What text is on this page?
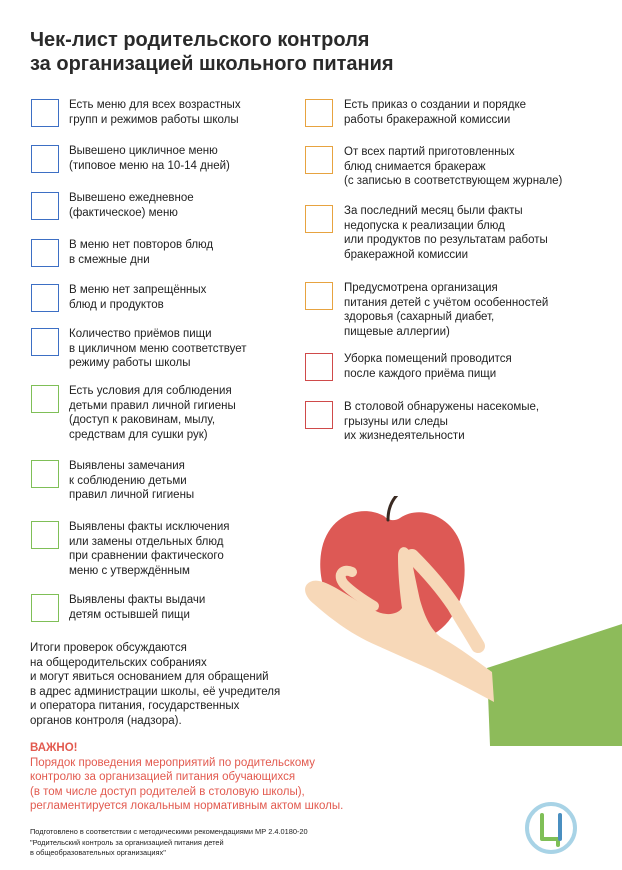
Чек-лист родительского контроля
за организацией школьного питания
Есть меню для всех возрастных
групп и режимов работы школы
Вывешено цикличное меню
(типовое меню на 10-14 дней)
Вывешено ежедневное
(фактическое) меню
В меню нет повторов блюд
в смежные дни
В меню нет запрещённых
блюд и продуктов
Количество приёмов пищи
в цикличном меню соответствует
режиму работы школы
Есть условия для соблюдения
детьми правил личной гигиены
(доступ к раковинам, мылу,
средствам для сушки рук)
Выявлены замечания
к соблюдению детьми
правил личной гигиены
Выявлены факты исключения
или замены отдельных блюд
при сравнении фактического
меню с утверждённым
Выявлены факты выдачи
детям остывшей пищи
Есть приказ о создании и порядке
работы бракеражной комиссии
От всех партий приготовленных
блюд снимается бракераж
(с записью в соответствующем журнале)
За последний месяц были факты
недопуска к реализации блюд
или продуктов по результатам работы
бракеражной комиссии
Предусмотрена организация
питания детей с учётом особенностей
здоровья (сахарный диабет,
пищевые аллергии)
Уборка помещений проводится
после каждого приёма пищи
В столовой обнаружены насекомые,
грызуны или следы
их жизнедеятельности
Итоги проверок обсуждаются
на общеродительских собраниях
и могут явиться основанием для обращений
в адрес администрации школы, её учредителя
и оператора питания, государственных
органов контроля (надзора).
ВАЖНО!
Порядок проведения мероприятий по родительскому
контролю за организацией питания обучающихся
(в том числе доступ родителей в столовую школы),
регламентируется локальным нормативным актом школы.
Подготовлено в соответствии с методическими рекомендациями МР 2.4.0180-20
"Родительский контроль за организацией питания детей
в общеобразовательных организациях"
